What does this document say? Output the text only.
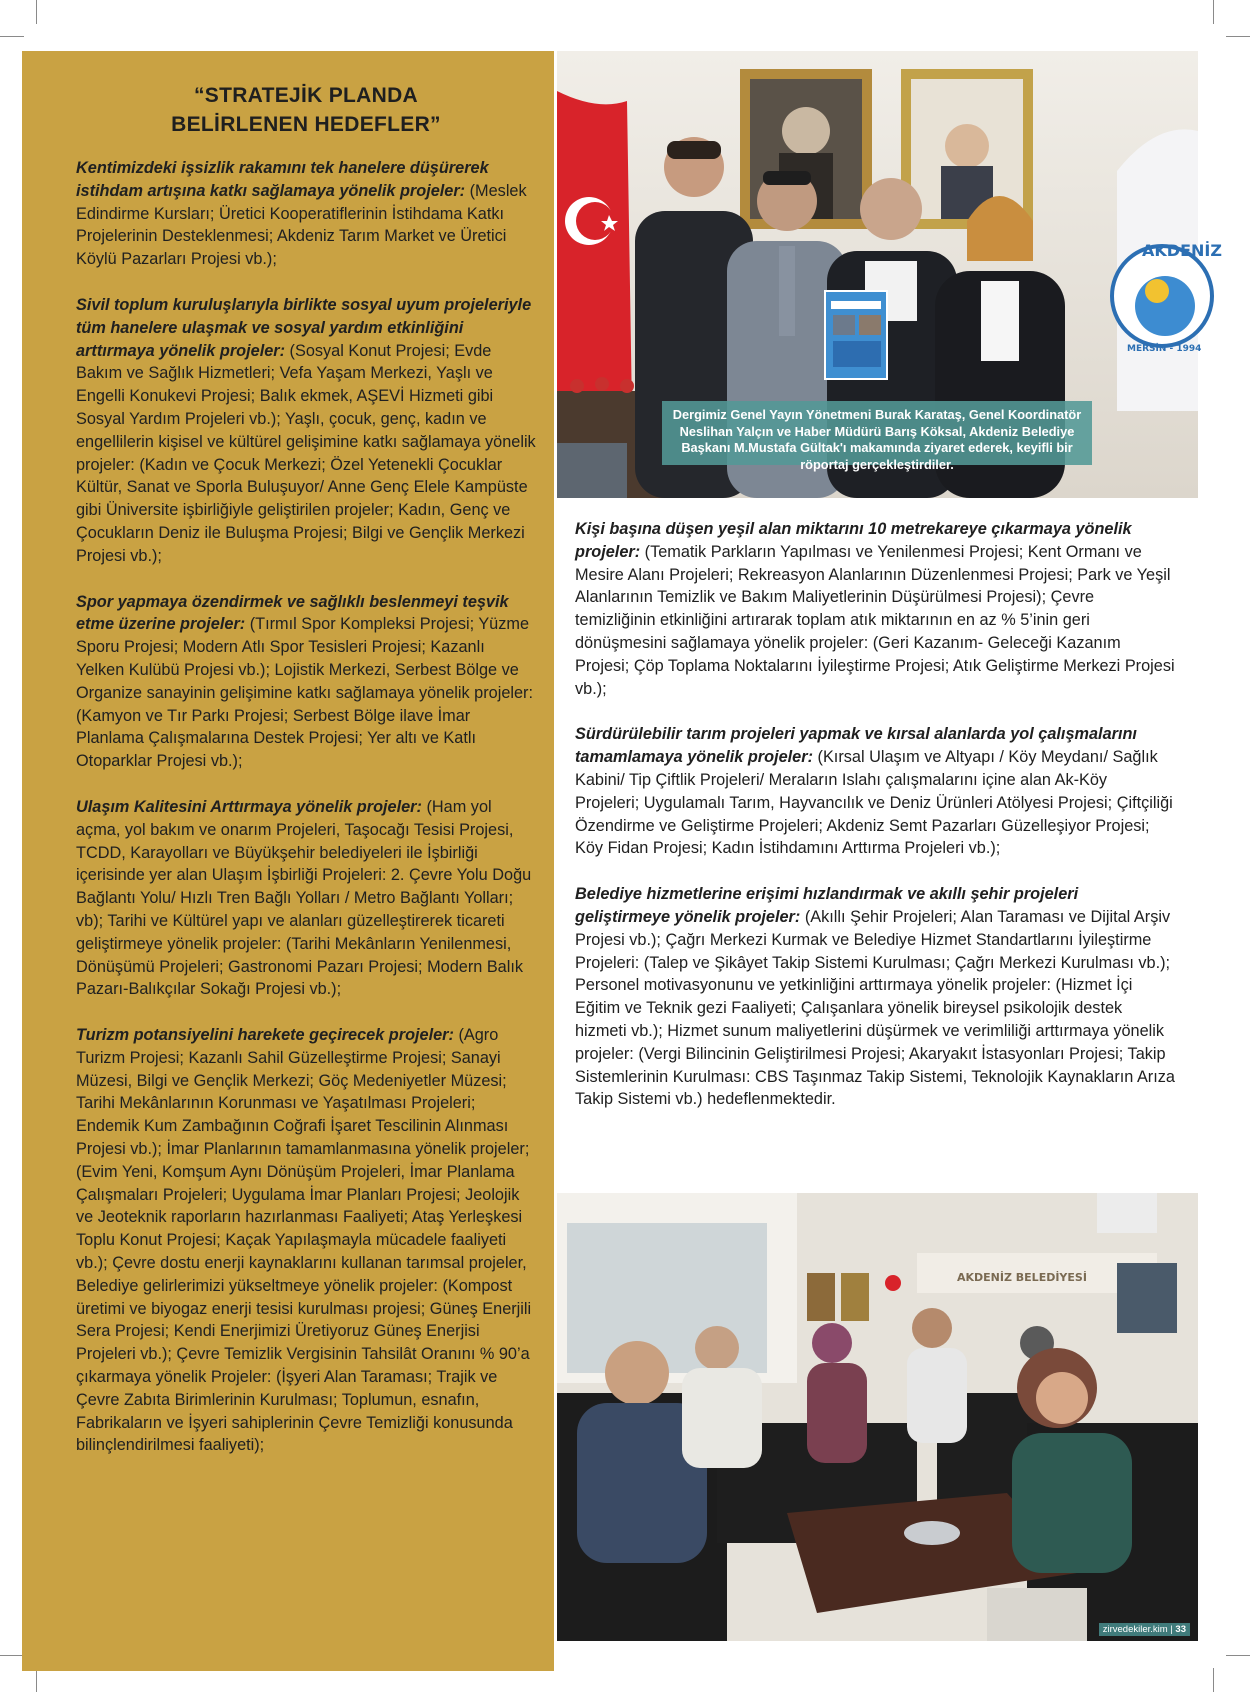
“STRATEJİK PLANDA
BELİRLENEN HEDEFLER”

Kentimizdeki işsizlik rakamını tek hanelere düşürerek istihdam artışına katkı sağlamaya yönelik projeler: (Meslek Edindirme Kursları; Üretici Kooperatiflerinin İstihdama Katkı Projelerinin Desteklenmesi; Akdeniz Tarım Market ve Üretici Köylü Pazarları Projesi vb.);

Sivil toplum kuruluşlarıyla birlikte sosyal uyum projeleriyle tüm hanelere ulaşmak ve sosyal yardım etkinliğini arttırmaya yönelik projeler: (Sosyal Konut Projesi; Evde Bakım ve Sağlık Hizmetleri; Vefa Yaşam Merkezi, Yaşlı ve Engelli Konukevi Projesi; Balık ekmek, AŞEVİ Hizmeti gibi Sosyal Yardım Projeleri vb.); Yaşlı, çocuk, genç, kadın ve engellilerin kişisel ve kültürel gelişimine katkı sağlamaya yönelik projeler: (Kadın ve Çocuk Merkezi; Özel Yetenekli Çocuklar Kültür, Sanat ve Sporla Buluşuyor/ Anne Genç Elele Kampüste gibi Üniversite işbirliğiyle geliştirilen projeler; Kadın, Genç ve Çocukların Deniz ile Buluşma Projesi; Bilgi ve Gençlik Merkezi Projesi vb.);

Spor yapmaya özendirmek ve sağlıklı beslenmeyi teşvik etme üzerine projeler: (Tırmıl Spor Kompleksi Projesi; Yüzme Sporu Projesi; Modern Atlı Spor Tesisleri Projesi; Kazanlı Yelken Kulübü Projesi vb.); Lojistik Merkezi, Serbest Bölge ve Organize sanayinin gelişimine katkı sağlamaya yönelik projeler: (Kamyon ve Tır Parkı Projesi; Serbest Bölge ilave İmar Planlama Çalışmalarına Destek Projesi; Yer altı ve Katlı Otoparklar Projesi vb.);

Ulaşım Kalitesini Arttırmaya yönelik projeler: (Ham yol açma, yol bakım ve onarım Projeleri, Taşocağı Tesisi Projesi, TCDD, Karayolları ve Büyükşehir belediyeleri ile İşbirliği içerisinde yer alan Ulaşım İşbirliği Projeleri: 2. Çevre Yolu Doğu Bağlantı Yolu/ Hızlı Tren Bağlı Yolları / Metro Bağlantı Yolları; vb); Tarihi ve Kültürel yapı ve alanları güzelleştirerek ticareti geliştirmeye yönelik projeler: (Tarihi Mekânların Yenilenmesi, Dönüşümü Projeleri; Gastronomi Pazarı Projesi; Modern Balık Pazarı-Balıkçılar Sokağı Projesi vb.);

Turizm potansiyelini harekete geçirecek projeler: (Agro Turizm Projesi; Kazanlı Sahil Güzelleştirme Projesi; Sanayi Müzesi, Bilgi ve Gençlik Merkezi; Göç Medeniyetler Müzesi; Tarihi Mekânlarının Korunması ve Yaşatılması Projeleri; Endemik Kum Zambağının Coğrafi İşaret Tescilinin Alınması Projesi vb.); İmar Planlarının tamamlanmasına yönelik projeler; (Evim Yeni, Komşum Aynı Dönüşüm Projeleri, İmar Planlama Çalışmaları Projeleri; Uygulama İmar Planları Projesi; Jeolojik ve Jeoteknik raporların hazırlanması Faaliyeti; Ataş Yerleşkesi Toplu Konut Projesi; Kaçak Yapılaşmayla mücadele faaliyeti vb.); Çevre dostu enerji kaynaklarını kullanan tarımsal projeler, Belediye gelirlerimizi yükseltmeye yönelik projeler: (Kompost üretimi ve biyogaz enerji tesisi kurulması projesi; Güneş Enerjili Sera Projesi; Kendi Enerjimizi Üretiyoruz Güneş Enerjisi Projeleri vb.); Çevre Temizlik Vergisinin Tahsilât Oranını % 90’a çıkarmaya yönelik Projeler: (İşyeri Alan Taraması; Trajik ve Çevre Zabıta Birimlerinin Kurulması; Toplumun, esnafın, Fabrikaların ve İşyeri sahiplerinin Çevre Temizliği konusunda bilinçlendirilmesi faaliyeti);

AKDENİZ
MERSİN - 1994
Dergimiz Genel Yayın Yönetmeni Burak Karataş, Genel Koordinatör Neslihan Yalçın ve Haber Müdürü Barış Köksal, Akdeniz Belediye Başkanı M.Mustafa Gültak'ı makamında ziyaret ederek, keyifli bir röportaj gerçekleştirdiler.

Kişi başına düşen yeşil alan miktarını 10 metrekareye çıkarmaya yönelik projeler: (Tematik Parkların Yapılması ve Yenilenmesi Projesi; Kent Ormanı ve Mesire Alanı Projeleri; Rekreasyon Alanlarının Düzenlenmesi Projesi; Park ve Yeşil Alanlarının Temizlik ve Bakım Maliyetlerinin Düşürülmesi Projesi); Çevre temizliğinin etkinliğini artırarak toplam atık miktarının en az % 5’inin geri dönüşmesini sağlamaya yönelik projeler: (Geri Kazanım- Geleceği Kazanım Projesi; Çöp Toplama Noktalarını İyileştirme Projesi; Atık Geliştirme Merkezi Projesi vb.);

Sürdürülebilir tarım projeleri yapmak ve kırsal alanlarda yol çalışmalarını tamamlamaya yönelik projeler: (Kırsal Ulaşım ve Altyapı / Köy Meydanı/ Sağlık Kabini/ Tip Çiftlik Projeleri/ Meraların Islahı çalışmalarını içine alan Ak-Köy Projeleri; Uygulamalı Tarım, Hayvancılık ve Deniz Ürünleri Atölyesi Projesi; Çiftçiliği Özendirme ve Geliştirme Projeleri; Akdeniz Semt Pazarları Güzelleşiyor Projesi; Köy Fidan Projesi; Kadın İstihdamını Arttırma Projeleri vb.);

Belediye hizmetlerine erişimi hızlandırmak ve akıllı şehir projeleri geliştirmeye yönelik projeler: (Akıllı Şehir Projeleri; Alan Taraması ve Dijital Arşiv Projesi vb.); Çağrı Merkezi Kurmak ve Belediye Hizmet Standartlarını İyileştirme Projeleri: (Talep ve Şikâyet Takip Sistemi Kurulması; Çağrı Merkezi Kurulması vb.); Personel motivasyonunu ve yetkinliğini arttırmaya yönelik projeler: (Hizmet İçi Eğitim ve Teknik gezi Faaliyeti; Çalışanlara yönelik bireysel psikolojik destek hizmeti vb.); Hizmet sunum maliyetlerini düşürmek ve verimliliği arttırmaya yönelik projeler: (Vergi Bilincinin Geliştirilmesi Projesi; Akaryakıt İstasyonları Projesi; Takip Sistemlerinin Kurulması: CBS Taşınmaz Takip Sistemi, Teknolojik Kaynakların Arıza Takip Sistemi vb.) hedeflenmektedir.

AKDENİZ BELEDİYESİ
zirvedekiler.kim | 33
